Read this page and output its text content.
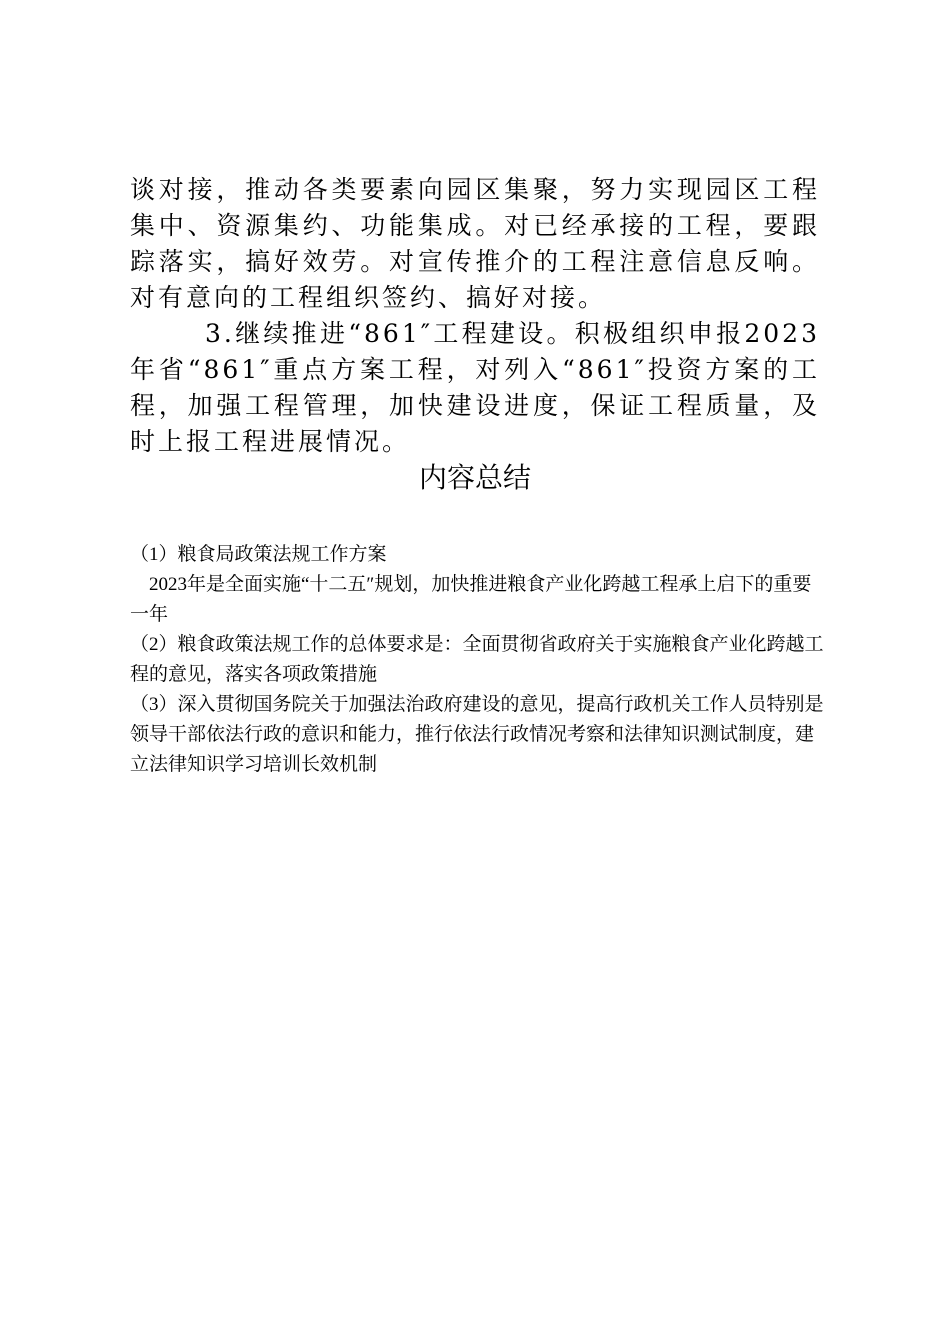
谈对接，推动各类要素向园区集聚，努力实现园区工程集中、资源集约、功能集成。对已经承接的工程，要跟踪落实，搞好效劳。对宣传推介的工程注意信息反响。对有意向的工程组织签约、搞好对接。

3.继续推进“861″工程建设。积极组织申报2023年省“861″重点方案工程，对列入“861″投资方案的工程，加强工程管理，加快建设进度，保证工程质量，及时上报工程进展情况。

内容总结

（1）粮食局政策法规工作方案

2023年是全面实施“十二五″规划，加快推进粮食产业化跨越工程承上启下的重要一年

（2）粮食政策法规工作的总体要求是：全面贯彻省政府关于实施粮食产业化跨越工程的意见，落实各项政策措施

（3）深入贯彻国务院关于加强法治政府建设的意见，提高行政机关工作人员特别是领导干部依法行政的意识和能力，推行依法行政情况考察和法律知识测试制度，建立法律知识学习培训长效机制
